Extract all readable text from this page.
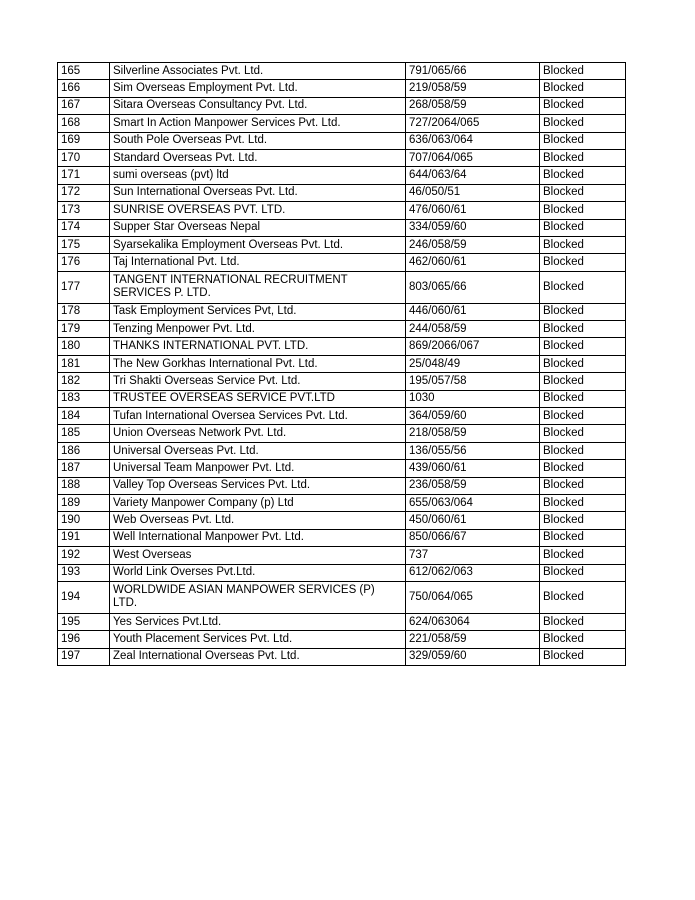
165	Silverline Associates Pvt. Ltd.	791/065/66	Blocked
166	Sim Overseas Employment Pvt. Ltd.	219/058/59	Blocked
167	Sitara Overseas Consultancy Pvt. Ltd.	268/058/59	Blocked
168	Smart In Action Manpower Services Pvt. Ltd.	727/2064/065	Blocked
169	South Pole Overseas Pvt. Ltd.	636/063/064	Blocked
170	Standard Overseas Pvt. Ltd.	707/064/065	Blocked
171	sumi overseas (pvt) ltd	644/063/64	Blocked
172	Sun International Overseas Pvt. Ltd.	46/050/51	Blocked
173	SUNRISE OVERSEAS PVT. LTD.	476/060/61	Blocked
174	Supper Star Overseas Nepal	334/059/60	Blocked
175	Syarsekalika Employment Overseas Pvt. Ltd.	246/058/59	Blocked
176	Taj International Pvt. Ltd.	462/060/61	Blocked
177	TANGENT INTERNATIONAL RECRUITMENT SERVICES P. LTD.	803/065/66	Blocked
178	Task Employment Services Pvt, Ltd.	446/060/61	Blocked
179	Tenzing Menpower Pvt. Ltd.	244/058/59	Blocked
180	THANKS INTERNATIONAL PVT. LTD.	869/2066/067	Blocked
181	The New Gorkhas International Pvt. Ltd.	25/048/49	Blocked
182	Tri Shakti Overseas Service Pvt. Ltd.	195/057/58	Blocked
183	TRUSTEE OVERSEAS SERVICE PVT.LTD	1030	Blocked
184	Tufan International Oversea Services Pvt. Ltd.	364/059/60	Blocked
185	Union Overseas Network Pvt. Ltd.	218/058/59	Blocked
186	Universal Overseas Pvt. Ltd.	136/055/56	Blocked
187	Universal Team Manpower Pvt. Ltd.	439/060/61	Blocked
188	Valley Top Overseas Services Pvt. Ltd.	236/058/59	Blocked
189	Variety Manpower Company (p) Ltd	655/063/064	Blocked
190	Web Overseas Pvt. Ltd.	450/060/61	Blocked
191	Well International Manpower Pvt. Ltd.	850/066/67	Blocked
192	West Overseas	737	Blocked
193	World Link Overses Pvt.Ltd.	612/062/063	Blocked
194	WORLDWIDE ASIAN MANPOWER SERVICES (P) LTD.	750/064/065	Blocked
195	Yes Services Pvt.Ltd.	624/063064	Blocked
196	Youth Placement Services Pvt. Ltd.	221/058/59	Blocked
197	Zeal International Overseas Pvt. Ltd.	329/059/60	Blocked
